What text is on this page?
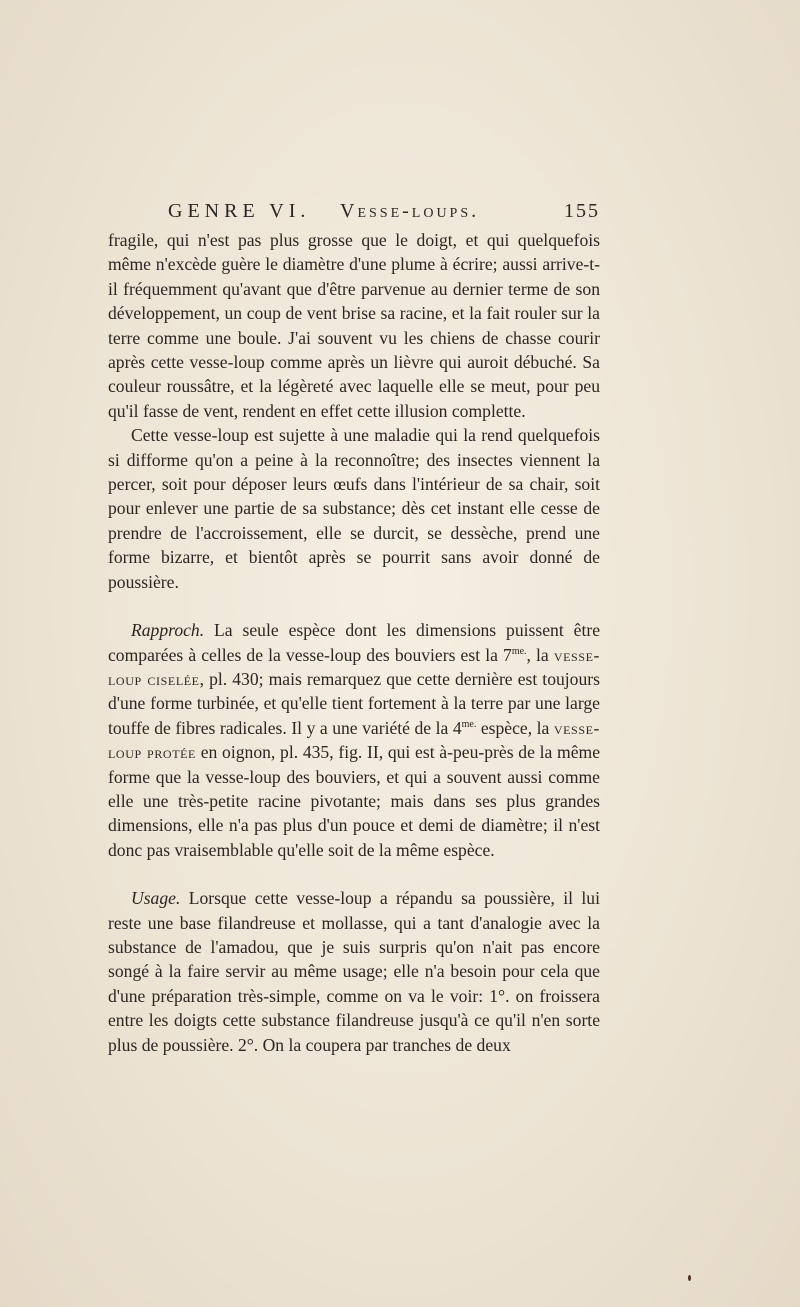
GENRE VI. Vesse-loups.	155

fragile, qui n'est pas plus grosse que le doigt, et qui quelquefois même n'excède guère le diamètre d'une plume à écrire; aussi arrive-t-il fréquemment qu'avant que d'être parvenue au dernier terme de son développement, un coup de vent brise sa racine, et la fait rouler sur la terre comme une boule. J'ai souvent vu les chiens de chasse courir après cette vesse-loup comme après un lièvre qui auroit débuché. Sa couleur roussâtre, et la légèreté avec laquelle elle se meut, pour peu qu'il fasse de vent, rendent en effet cette illusion complette.

Cette vesse-loup est sujette à une maladie qui la rend quelquefois si difforme qu'on a peine à la reconnoître; des insectes viennent la percer, soit pour déposer leurs œufs dans l'intérieur de sa chair, soit pour enlever une partie de sa substance; dès cet instant elle cesse de prendre de l'accroissement, elle se durcit, se dessèche, prend une forme bizarre, et bientôt après se pourrit sans avoir donné de poussière.

Rapproch. La seule espèce dont les dimensions puissent être comparées à celles de la vesse-loup des bouviers est la $7^{me.}$, la vesse-loup ciselée, pl. 430; mais remarquez que cette dernière est toujours d'une forme turbinée, et qu'elle tient fortement à la terre par une large touffe de fibres radicales. Il y a une variété de la $4^{me.}$ espèce, la vesse-loup protée en oignon, pl. 435, fig. II, qui est à-peu-près de la même forme que la vesse-loup des bouviers, et qui a souvent aussi comme elle une très-petite racine pivotante; mais dans ses plus grandes dimensions, elle n'a pas plus d'un pouce et demi de diamètre; il n'est donc pas vraisemblable qu'elle soit de la même espèce.

Usage. Lorsque cette vesse-loup a répandu sa poussière, il lui reste une base filandreuse et mollasse, qui a tant d'analogie avec la substance de l'amadou, que je suis surpris qu'on n'ait pas encore songé à la faire servir au même usage; elle n'a besoin pour cela que d'une préparation très-simple, comme on va le voir: 1°. on froissera entre les doigts cette substance filandreuse jusqu'à ce qu'il n'en sorte plus de poussière. 2°. On la coupera par tranches de deux
